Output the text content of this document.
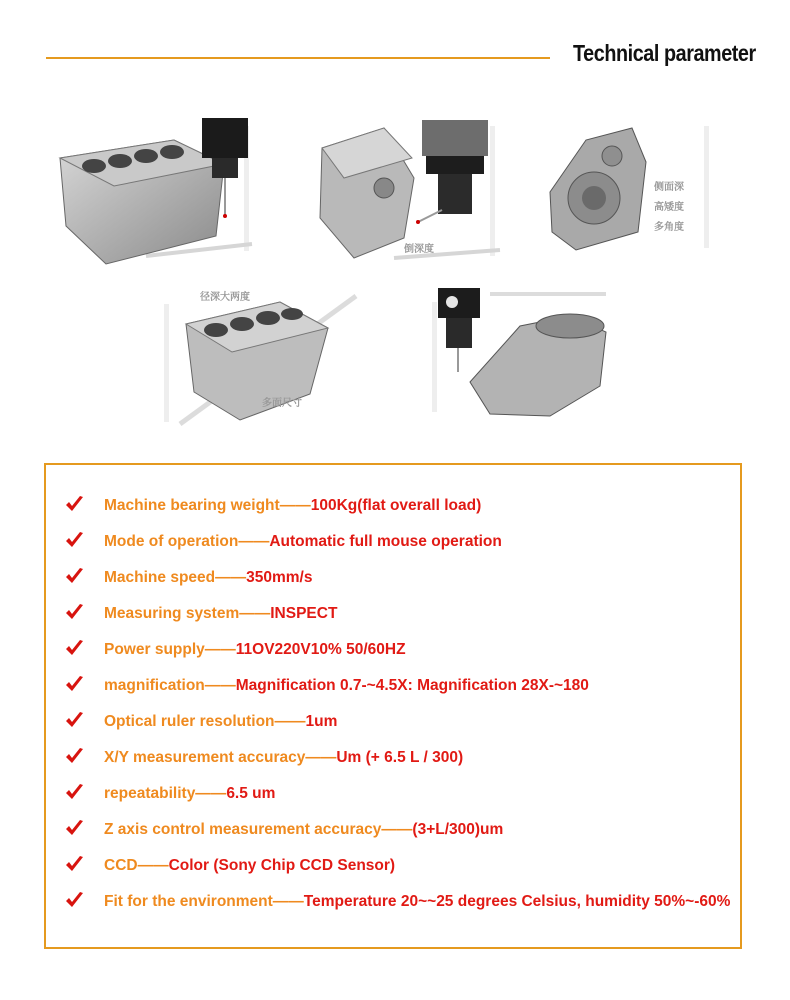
Technical parameter
倒深度
侧面深
高矮度
多角度
径深大两度
多面尺寸
Machine bearing weight——100Kg(flat overall load)
Mode of operation——Automatic full mouse operation
Machine speed——350mm/s
Measuring system——INSPECT
Power supply——11OV220V10% 50/60HZ
magnification——Magnification 0.7-~4.5X: Magnification 28X-~180
Optical ruler resolution——1um
X/Y measurement accuracy——Um (+ 6.5 L / 300)
repeatability——6.5 um
Z axis control measurement accuracy——(3+L/300)um
CCD——Color (Sony Chip CCD Sensor)
Fit for the environment——Temperature 20~~25 degrees Celsius, humidity 50%~-60%
